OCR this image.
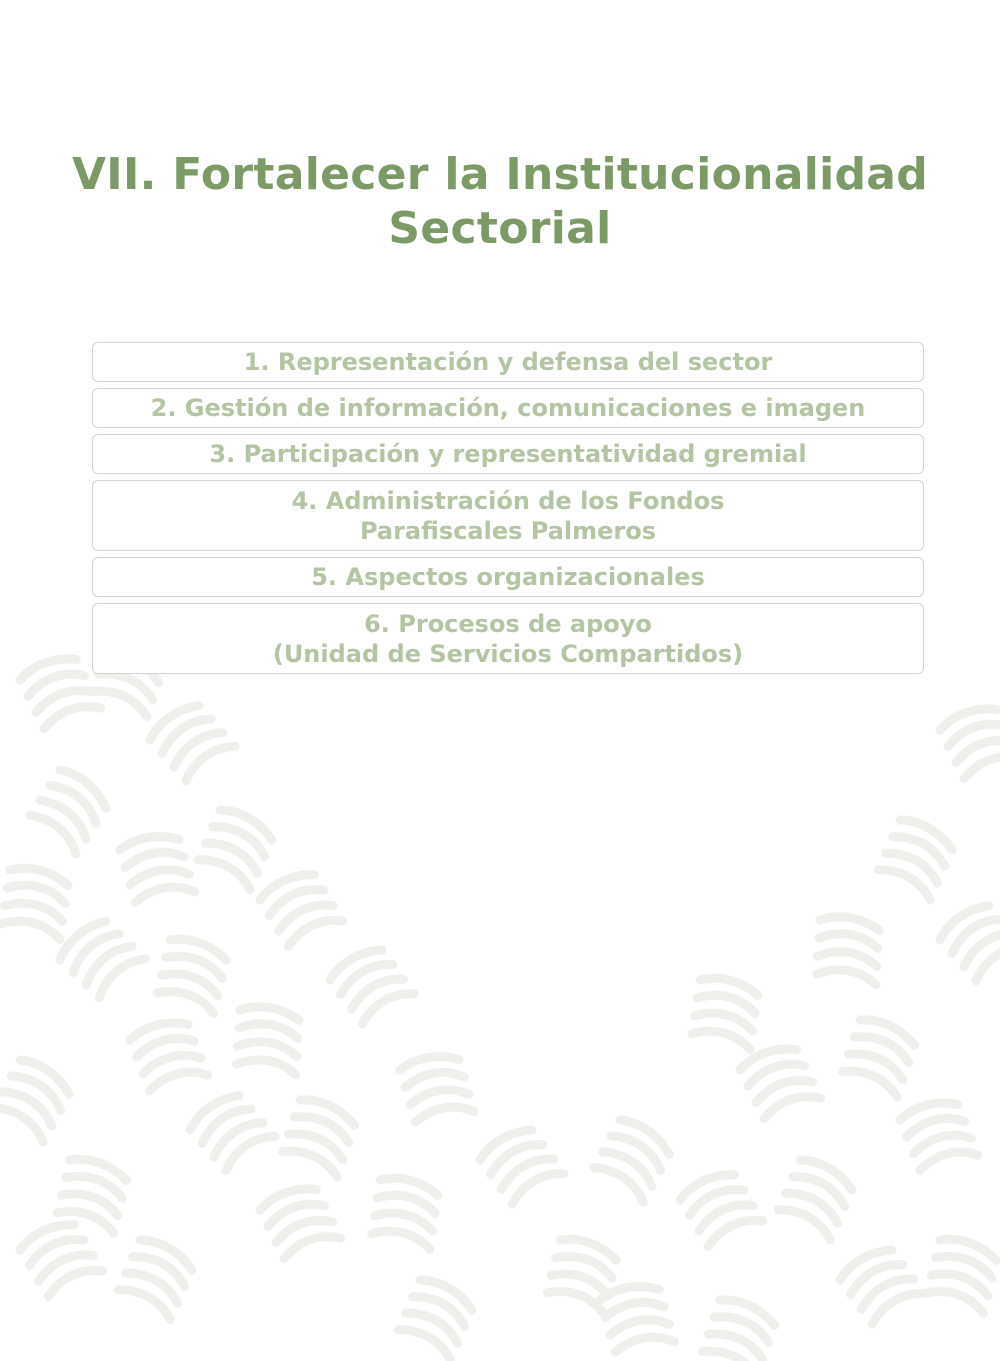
VII. Fortalecer la Institucionalidad
Sectorial
1. Representación y defensa del sector
2. Gestión de información, comunicaciones e imagen
3. Participación y representatividad gremial
4. Administración de los Fondos
Parafiscales Palmeros
5. Aspectos organizacionales
6. Procesos de apoyo
(Unidad de Servicios Compartidos)
